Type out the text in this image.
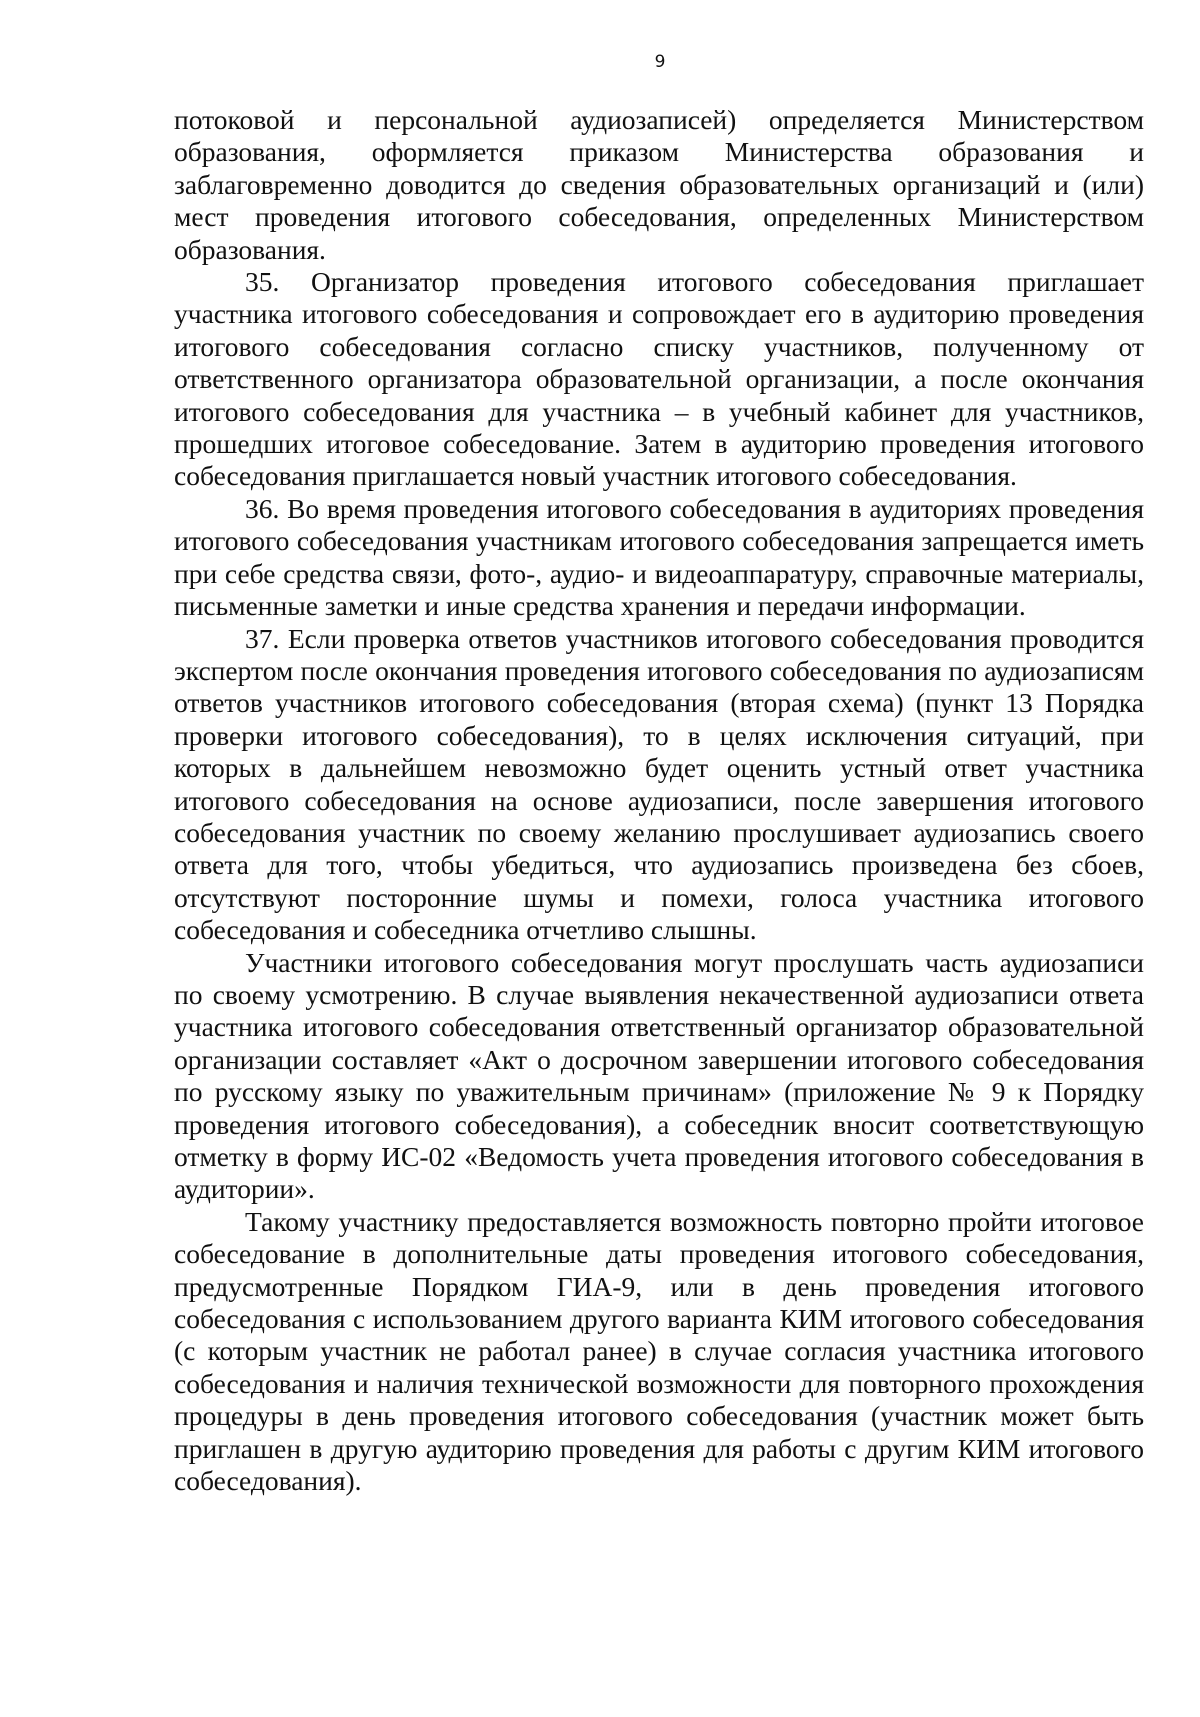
9

потоковой и персональной аудиозаписей) определяется Министерством образования, оформляется приказом Министерства образования и заблаговременно доводится до сведения образовательных организаций и (или) мест проведения итогового собеседования, определенных Министерством образования.

35. Организатор проведения итогового собеседования приглашает участника итогового собеседования и сопровождает его в аудиторию проведения итогового собеседования согласно списку участников, полученному от ответственного организатора образовательной организации, а после окончания итогового собеседования для участника – в учебный кабинет для участников, прошедших итоговое собеседование. Затем в аудиторию проведения итогового собеседования приглашается новый участник итогового собеседования.

36. Во время проведения итогового собеседования в аудиториях проведения итогового собеседования участникам итогового собеседования запрещается иметь при себе средства связи, фото-, аудио- и видеоаппаратуру, справочные материалы, письменные заметки и иные средства хранения и передачи информации.

37. Если проверка ответов участников итогового собеседования проводится экспертом после окончания проведения итогового собеседования по аудиозаписям ответов участников итогового собеседования (вторая схема) (пункт 13 Порядка проверки итогового собеседования), то в целях исключения ситуаций, при которых в дальнейшем невозможно будет оценить устный ответ участника итогового собеседования на основе аудиозаписи, после завершения итогового собеседования участник по своему желанию прослушивает аудиозапись своего ответа для того, чтобы убедиться, что аудиозапись произведена без сбоев, отсутствуют посторонние шумы и помехи, голоса участника итогового собеседования и собеседника отчетливо слышны.

Участники итогового собеседования могут прослушать часть аудиозаписи по своему усмотрению. В случае выявления некачественной аудиозаписи ответа участника итогового собеседования ответственный организатор образовательной организации составляет «Акт о досрочном завершении итогового собеседования по русскому языку по уважительным причинам» (приложение № 9 к Порядку проведения итогового собеседования), а собеседник вносит соответствующую отметку в форму ИС-02 «Ведомость учета проведения итогового собеседования в аудитории».

Такому участнику предоставляется возможность повторно пройти итоговое собеседование в дополнительные даты проведения итогового собеседования, предусмотренные Порядком ГИА-9, или в день проведения итогового собеседования с использованием другого варианта КИМ итогового собеседования (с которым участник не работал ранее) в случае согласия участника итогового собеседования и наличия технической возможности для повторного прохождения процедуры в день проведения итогового собеседования (участник может быть приглашен в другую аудиторию проведения для работы с другим КИМ итогового собеседования).
